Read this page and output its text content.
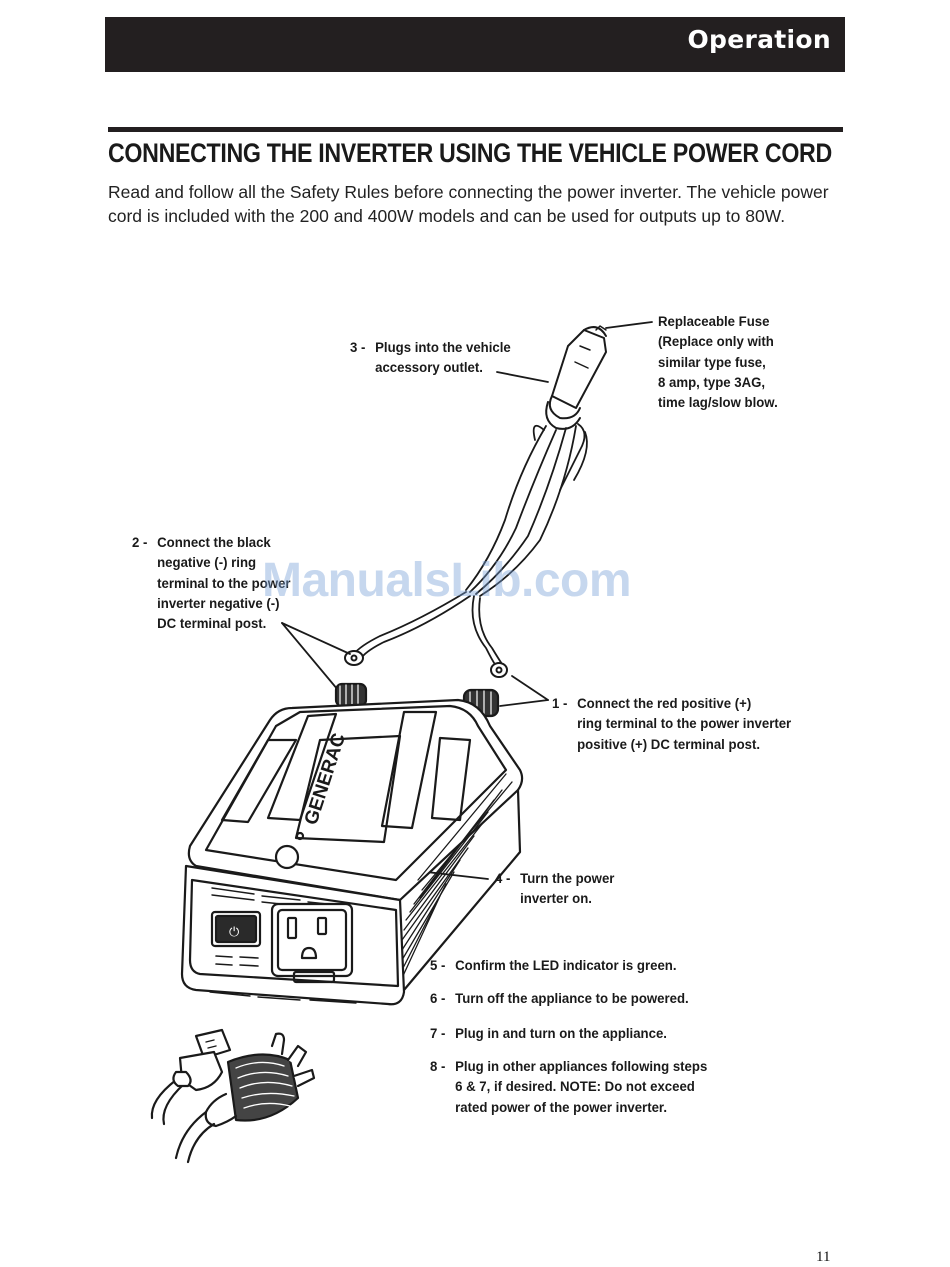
Operation
CONNECTING THE INVERTER USING THE VEHICLE POWER CORD
Read and follow all the Safety Rules before connecting the power inverter. The vehicle power cord is included with the 200 and 400W models and can be used for outputs up to 80W.
GENERAC
⏻
Replaceable Fuse
(Replace only with
similar type fuse,
8 amp, type 3AG,
time lag/slow blow.
3 - Plugs into the vehicle
accessory outlet.
2 - Connect the black
negative (-) ring
terminal to the power
inverter negative (-)
DC terminal post.
1 - Connect the red positive (+)
ring terminal to the power inverter
positive (+) DC terminal post.
4 - Turn the power
inverter on.
5 - Confirm the LED indicator is green.
6 - Turn off the appliance to be powered.
7 - Plug in and turn on the appliance.
8 - Plug in other appliances following steps
6 & 7, if desired. NOTE: Do not exceed
rated power of the power inverter.
ManualsLib.com
11
